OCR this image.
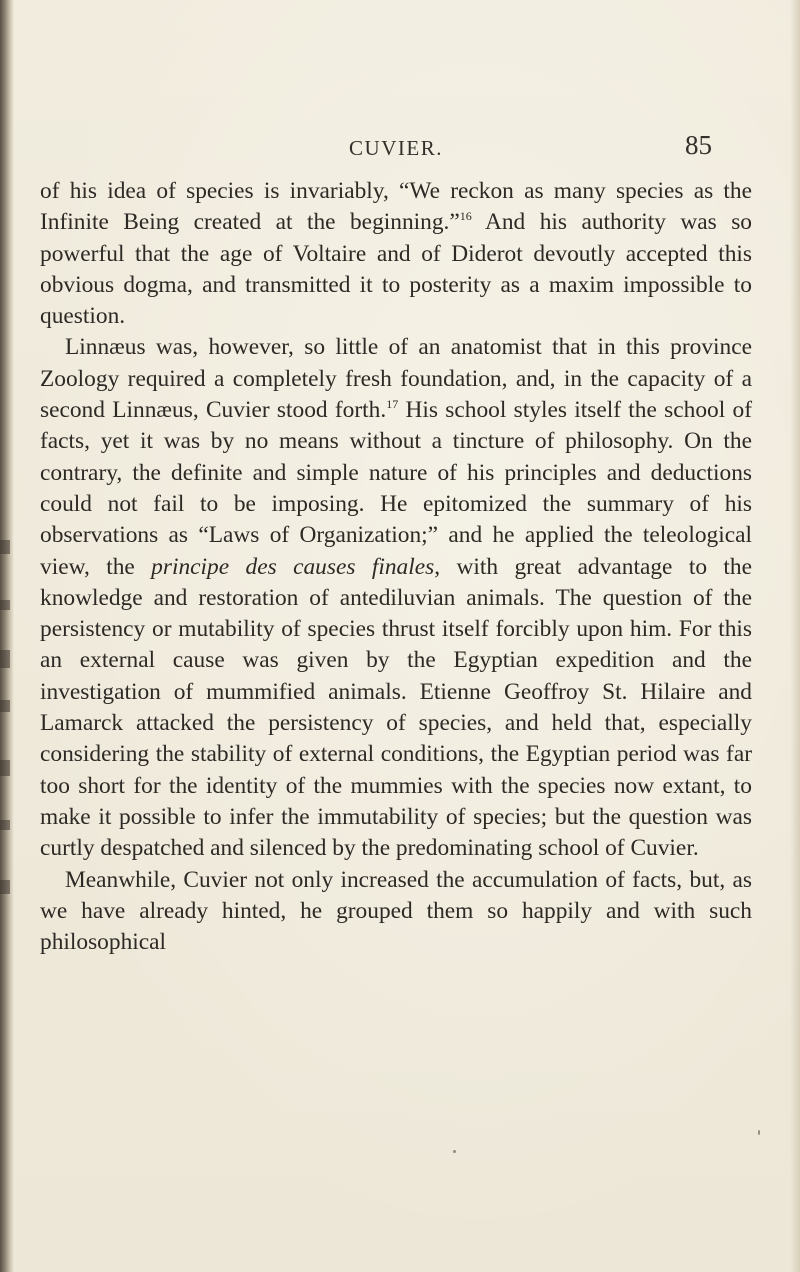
CUVIER.	85

of his idea of species is invariably, “We reckon as many species as the Infinite Being created at the beginning.”$^{16}$ And his authority was so powerful that the age of Voltaire and of Diderot devoutly accepted this obvious dogma, and transmitted it to posterity as a maxim impossible to question.

Linnæus was, however, so little of an anatomist that in this province Zoology required a completely fresh foundation, and, in the capacity of a second Linnæus, Cuvier stood forth.$^{17}$ His school styles itself the school of facts, yet it was by no means without a tincture of philosophy. On the contrary, the definite and simple nature of his principles and deductions could not fail to be imposing. He epitomized the summary of his observations as “Laws of Organization;” and he applied the teleological view, the principe des causes finales, with great advantage to the knowledge and restoration of antediluvian animals. The question of the persistency or mutability of species thrust itself forcibly upon him. For this an external cause was given by the Egyptian expedition and the investigation of mummified animals. Etienne Geoffroy St. Hilaire and Lamarck attacked the persistency of species, and held that, especially considering the stability of external conditions, the Egyptian period was far too short for the identity of the mummies with the species now extant, to make it possible to infer the immutability of species; but the question was curtly despatched and silenced by the predominating school of Cuvier.

Meanwhile, Cuvier not only increased the accumulation of facts, but, as we have already hinted, he grouped them so happily and with such philosophical
